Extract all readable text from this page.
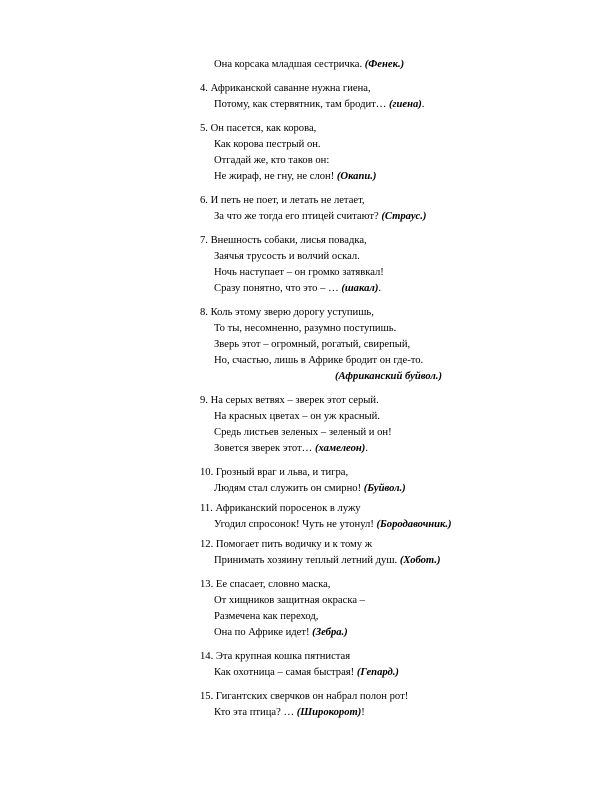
Она корсака младшая сестричка. (Фенек.)
4. Африканской саванне нужна гиена,
Потому, как стервятник, там бродит… (гиена).
5. Он пасется, как корова,
Как корова пестрый он.
Отгадай же, кто таков он:
Не жираф, не гну, не слон! (Окапи.)
6. И петь не поет, и летать не летает,
За что же тогда его птицей считают? (Страус.)
7. Внешность собаки, лисья повадка,
Заячья трусость и волчий оскал.
Ночь наступает – он громко затявкал!
Сразу понятно, что это – … (шакал).
8. Коль этому зверю дорогу уступишь,
То ты, несомненно, разумно поступишь.
Зверь этот – огромный, рогатый, свирепый,
Но, счастью, лишь в Африке бродит он где-то.
(Африканский буйвол.)
9. На серых ветвях – зверек этот серый.
На красных цветах – он уж красный.
Средь листьев зеленых – зеленый и он!
Зовется зверек этот… (хамелеон).
10. Грозный враг и льва, и тигра,
Людям стал служить он смирно! (Буйвол.)
11. Африканский поросенок в лужу
Угодил спросонок! Чуть не утонул! (Бородавочник.)
12. Помогает пить водичку и к тому ж
Принимать хозяину теплый летний душ. (Хобот.)
13. Ее спасает, словно маска,
От хищников защитная окраска –
Размечена как переход,
Она по Африке идет! (Зебра.)
14. Эта крупная кошка пятнистая
Как охотница – самая быстрая! (Гепард.)
15. Гигантских сверчков он набрал полон рот!
Кто эта птица? … (Широкорот)!
